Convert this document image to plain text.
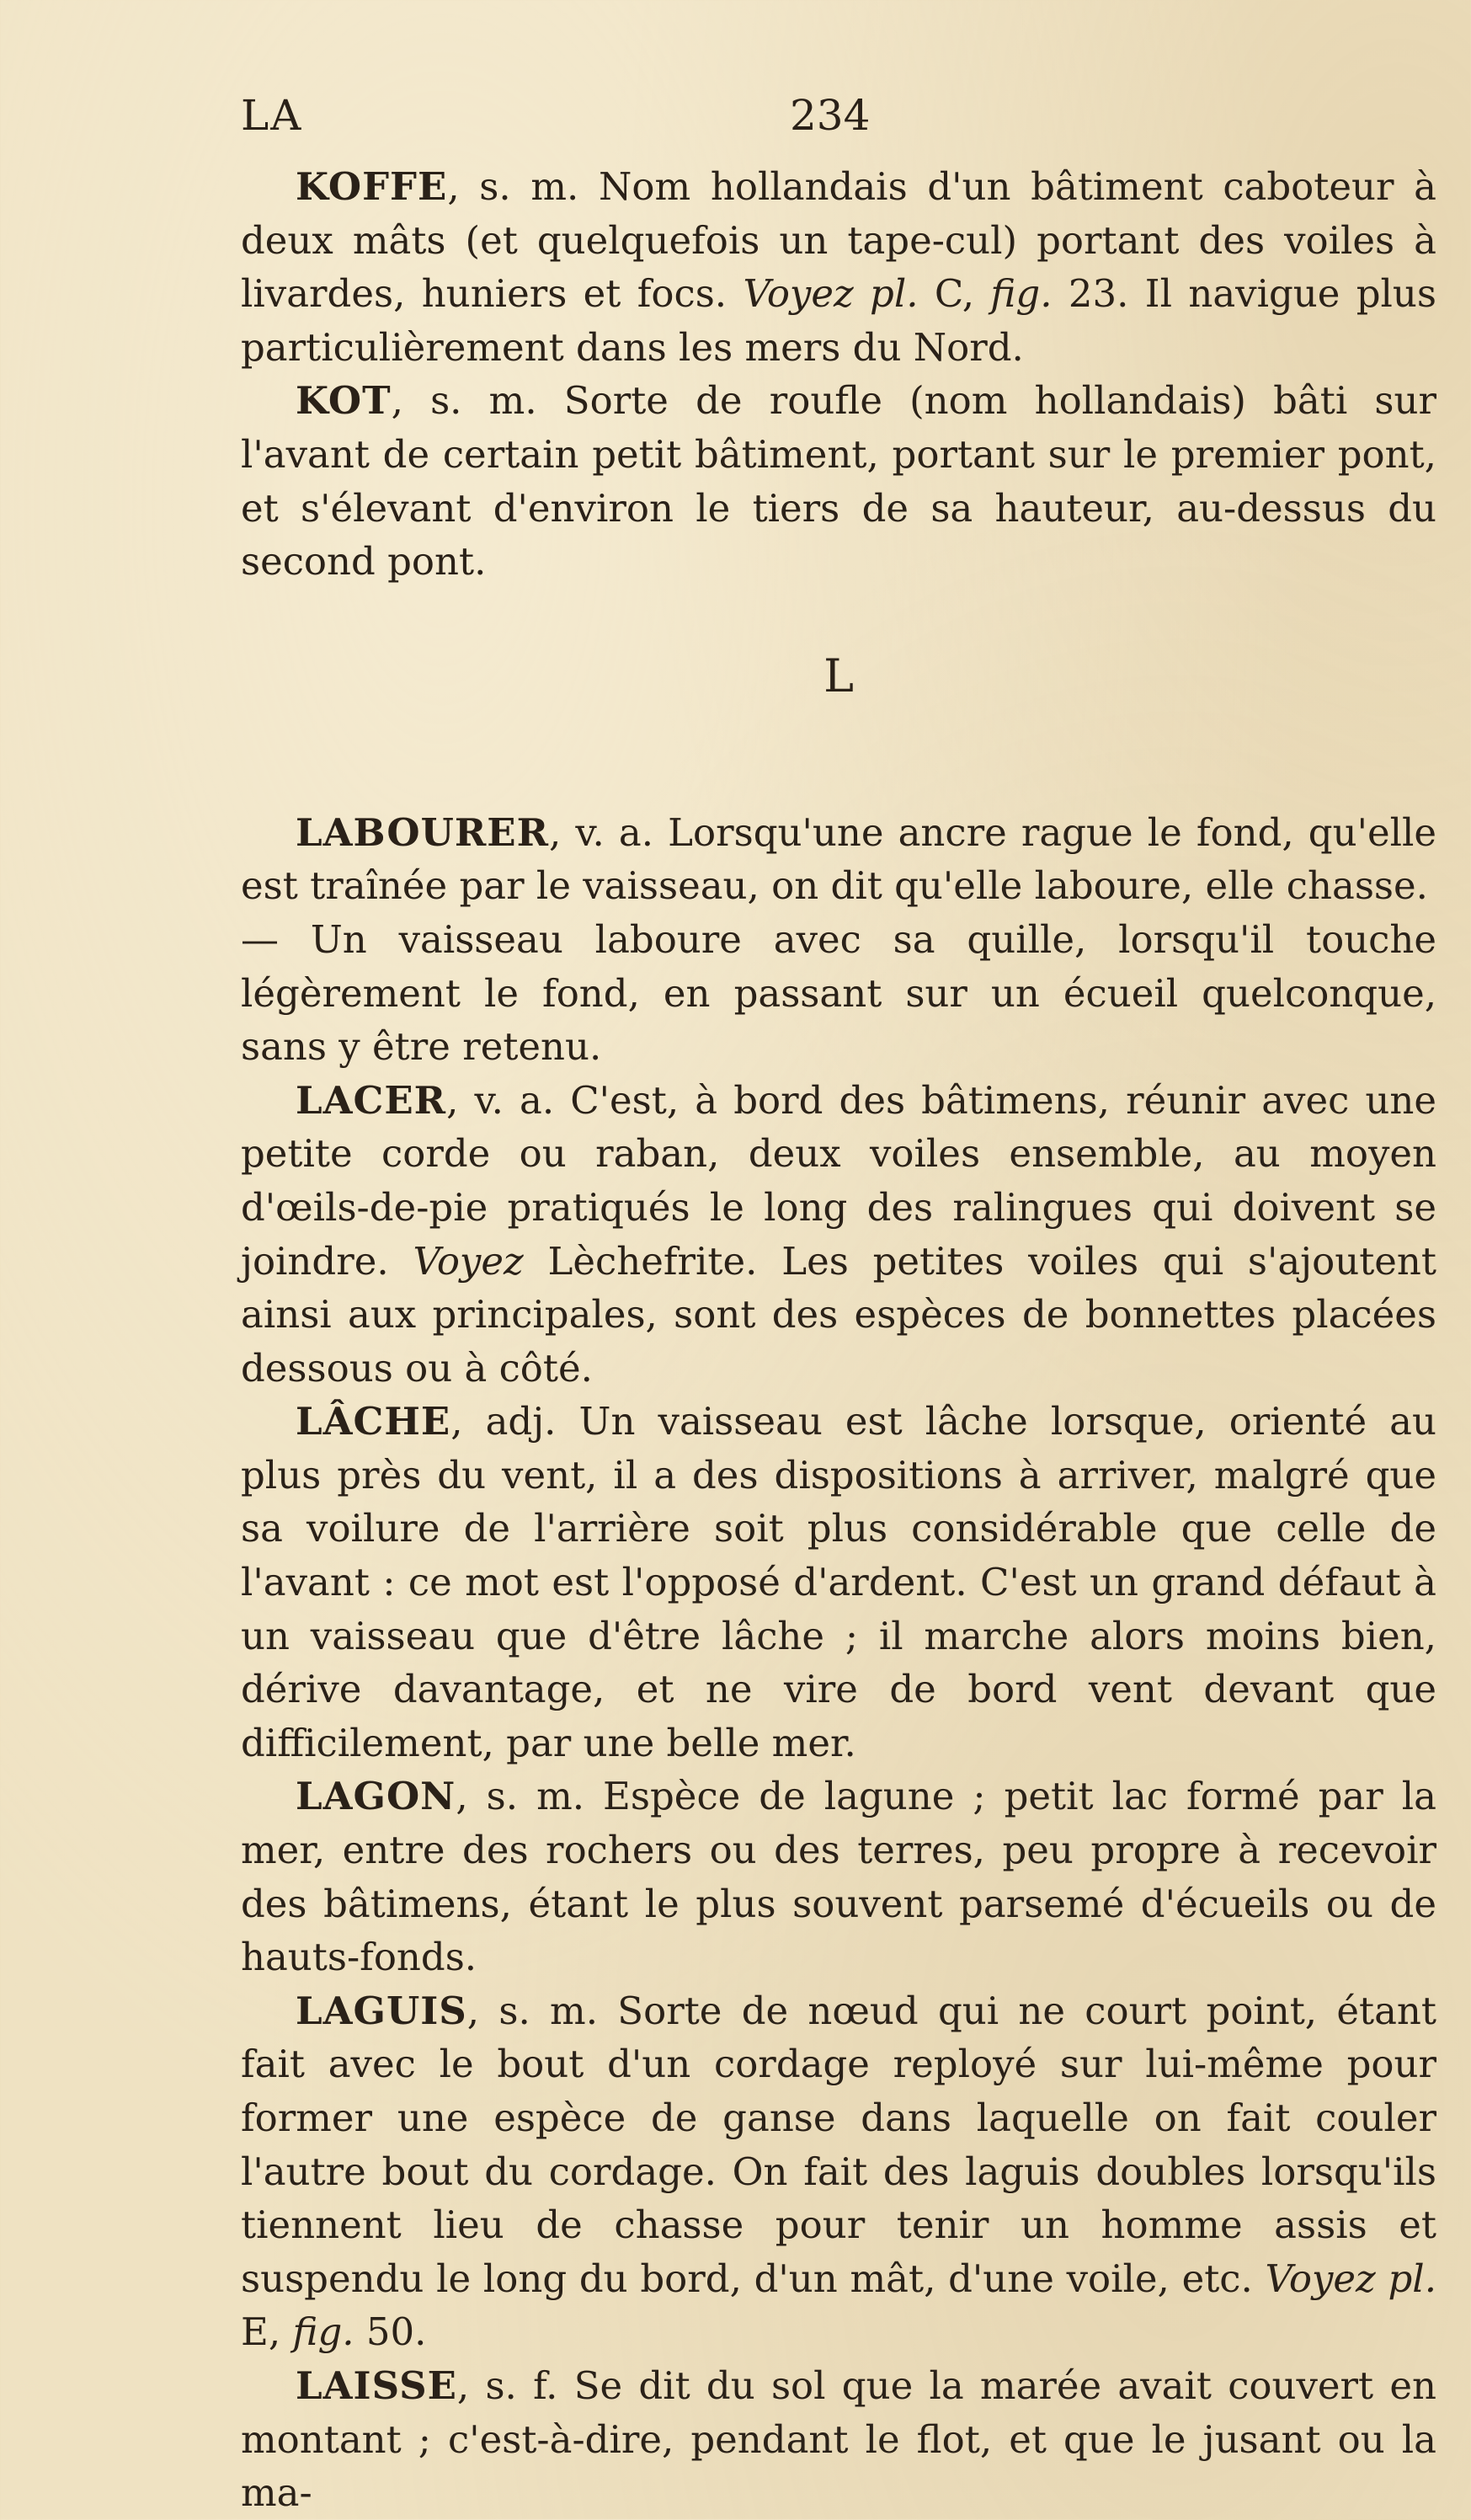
LA	234

KOFFE, s. m. Nom hollandais d'un bâtiment caboteur à deux mâts (et quelquefois un tape-cul) portant des voiles à livardes, huniers et focs. Voyez pl. C, fig. 23. Il navigue plus particulièrement dans les mers du Nord.

KOT, s. m. Sorte de roufle (nom hollandais) bâti sur l'avant de certain petit bâtiment, portant sur le premier pont, et s'élevant d'environ le tiers de sa hauteur, au-dessus du second pont.

L

LABOURER, v. a. Lorsqu'une ancre rague le fond, qu'elle est traînée par le vaisseau, on dit qu'elle laboure, elle chasse.

— Un vaisseau laboure avec sa quille, lorsqu'il touche légèrement le fond, en passant sur un écueil quelconque, sans y être retenu.

LACER, v. a. C'est, à bord des bâtimens, réunir avec une petite corde ou raban, deux voiles ensemble, au moyen d'œils-de-pie pratiqués le long des ralingues qui doivent se joindre. Voyez Lèchefrite. Les petites voiles qui s'ajoutent ainsi aux principales, sont des espèces de bonnettes placées dessous ou à côté.

LÂCHE, adj. Un vaisseau est lâche lorsque, orienté au plus près du vent, il a des dispositions à arriver, malgré que sa voilure de l'arrière soit plus considérable que celle de l'avant : ce mot est l'opposé d'ardent. C'est un grand défaut à un vaisseau que d'être lâche ; il marche alors moins bien, dérive davantage, et ne vire de bord vent devant que difficilement, par une belle mer.

LAGON, s. m. Espèce de lagune ; petit lac formé par la mer, entre des rochers ou des terres, peu propre à recevoir des bâtimens, étant le plus souvent parsemé d'écueils ou de hauts-fonds.

LAGUIS, s. m. Sorte de nœud qui ne court point, étant fait avec le bout d'un cordage reployé sur lui-même pour former une espèce de ganse dans laquelle on fait couler l'autre bout du cordage. On fait des laguis doubles lorsqu'ils tiennent lieu de chasse pour tenir un homme assis et suspendu le long du bord, d'un mât, d'une voile, etc. Voyez pl. E, fig. 50.

LAISSE, s. f. Se dit du sol que la marée avait couvert en montant ; c'est-à-dire, pendant le flot, et que le jusant ou la ma-
